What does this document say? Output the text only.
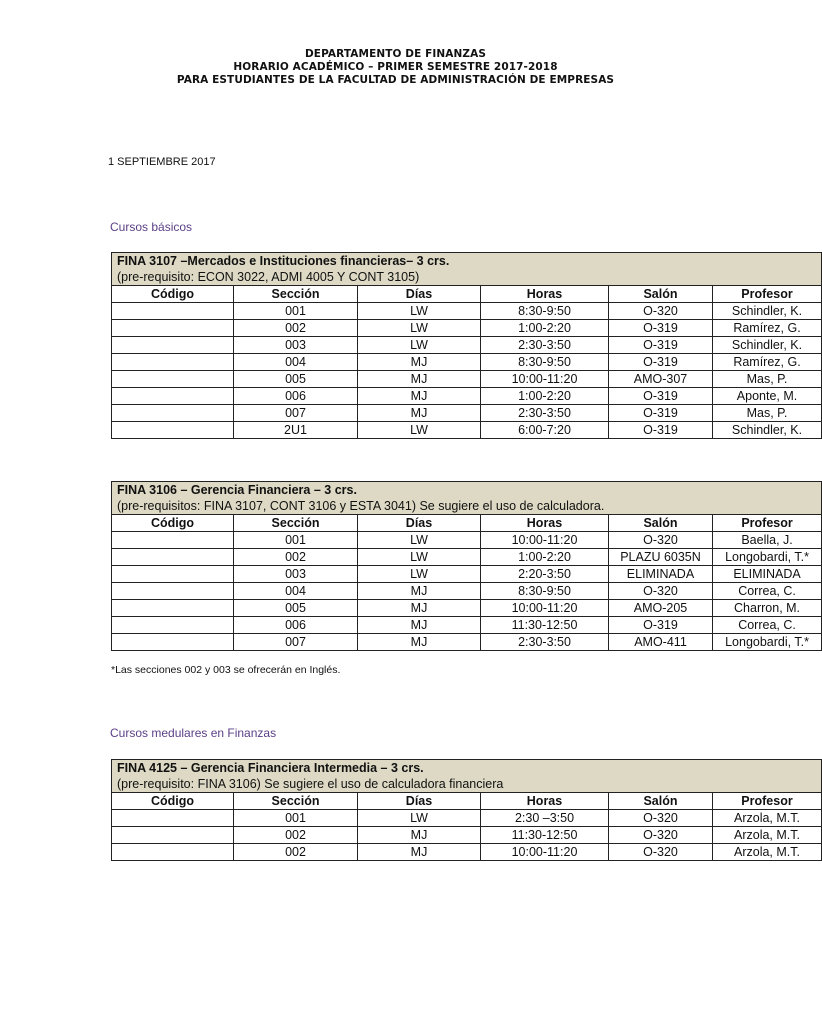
DEPARTAMENTO DE FINANZAS
HORARIO ACADÉMICO – PRIMER SEMESTRE 2017-2018
PARA ESTUDIANTES DE LA FACULTAD DE ADMINISTRACIÓN DE EMPRESAS
1 SEPTIEMBRE 2017
Cursos básicos
FINA 3107 –Mercados e Instituciones financieras– 3 crs.					
(pre-requisito: ECON 3022, ADMI 4005 Y CONT 3105)					
Código	Sección	Días	Horas	Salón	Profesor
	001	LW	8:30-9:50	O-320	Schindler, K.
	002	LW	1:00-2:20	O-319	Ramírez, G.
	003	LW	2:30-3:50	O-319	Schindler, K.
	004	MJ	8:30-9:50	O-319	Ramírez, G.
	005	MJ	10:00-11:20	AMO-307	Mas, P.
	006	MJ	1:00-2:20	O-319	Aponte, M.
	007	MJ	2:30-3:50	O-319	Mas, P.
	2U1	LW	6:00-7:20	O-319	Schindler, K.
FINA 3106 – Gerencia Financiera – 3 crs.					
(pre-requisitos: FINA 3107, CONT 3106 y ESTA 3041) Se sugiere el uso de calculadora.					
Código	Sección	Días	Horas	Salón	Profesor
	001	LW	10:00-11:20	O-320	Baella, J.
	002	LW	1:00-2:20	PLAZU 6035N	Longobardi, T.*
	003	LW	2:20-3:50	ELIMINADA	ELIMINADA
	004	MJ	8:30-9:50	O-320	Correa, C.
	005	MJ	10:00-11:20	AMO-205	Charron, M.
	006	MJ	11:30-12:50	O-319	Correa, C.
	007	MJ	2:30-3:50	AMO-411	Longobardi, T.*
*Las secciones 002 y 003 se ofrecerán en Inglés.
Cursos medulares en Finanzas
FINA 4125 – Gerencia Financiera Intermedia – 3 crs.					
(pre-requisito: FINA 3106) Se sugiere el uso de calculadora financiera					
Código	Sección	Días	Horas	Salón	Profesor
	001	LW	2:30 –3:50	O-320	Arzola, M.T.
	002	MJ	11:30-12:50	O-320	Arzola, M.T.
	002	MJ	10:00-11:20	O-320	Arzola, M.T.
